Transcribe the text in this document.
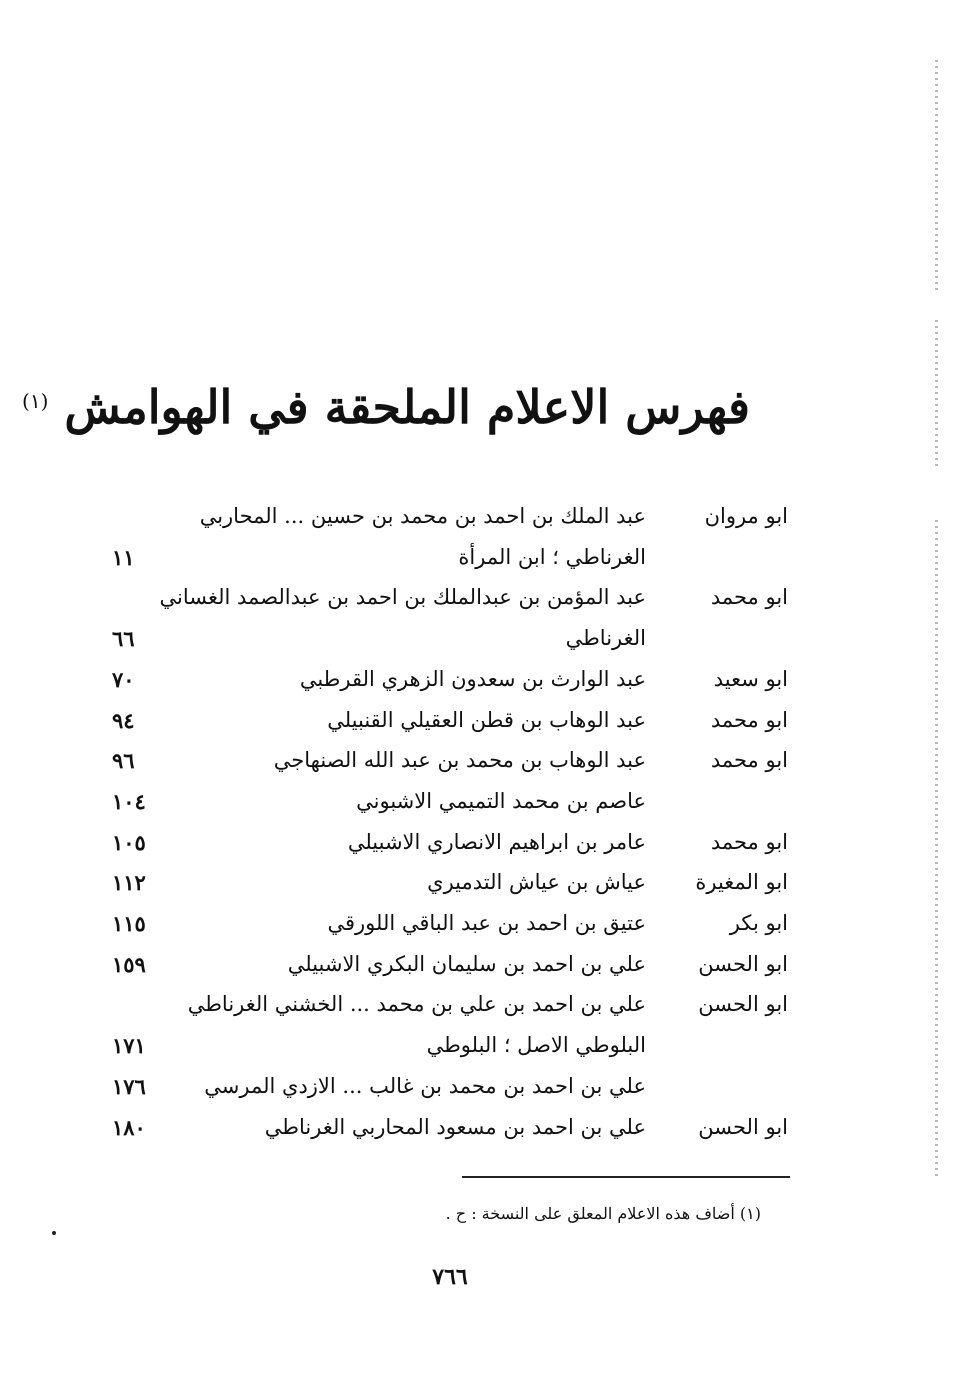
فهرس الاعلام الملحقة في الهوامش $^{(١)}$
ابو مروان
عبد الملك بن احمد بن محمد بن حسين ... المحاربي
الغرناطي ؛ ابن المرأة
١١
ابو محمد
عبد المؤمن بن عبدالملك بن احمد بن عبدالصمد الغساني
الغرناطي
٦٦
ابو سعيد
عبد الوارث بن سعدون الزهري القرطبي
٧٠
ابو محمد
عبد الوهاب بن قطن العقيلي القنبيلي
٩٤
ابو محمد
عبد الوهاب بن محمد بن عبد الله الصنهاجي
٩٦
عاصم بن محمد التميمي الاشبوني
١٠٤
ابو محمد
عامر بن ابراهيم الانصاري الاشبيلي
١٠٥
ابو المغيرة
عياش بن عياش التدميري
١١٢
ابو بكر
عتيق بن احمد بن عبد الباقي اللورقي
١١٥
ابو الحسن
علي بن احمد بن سليمان البكري الاشبيلي
١٥٩
ابو الحسن
علي بن احمد بن علي بن محمد ... الخشني الغرناطي
البلوطي الاصل ؛ البلوطي
١٧١
علي بن احمد بن محمد بن غالب ... الازدي المرسي
١٧٦
ابو الحسن
علي بن احمد بن مسعود المحاربي الغرناطي
١٨٠
(١) أضاف هذه الاعلام المعلق على النسخة : ح .
٧٦٦
